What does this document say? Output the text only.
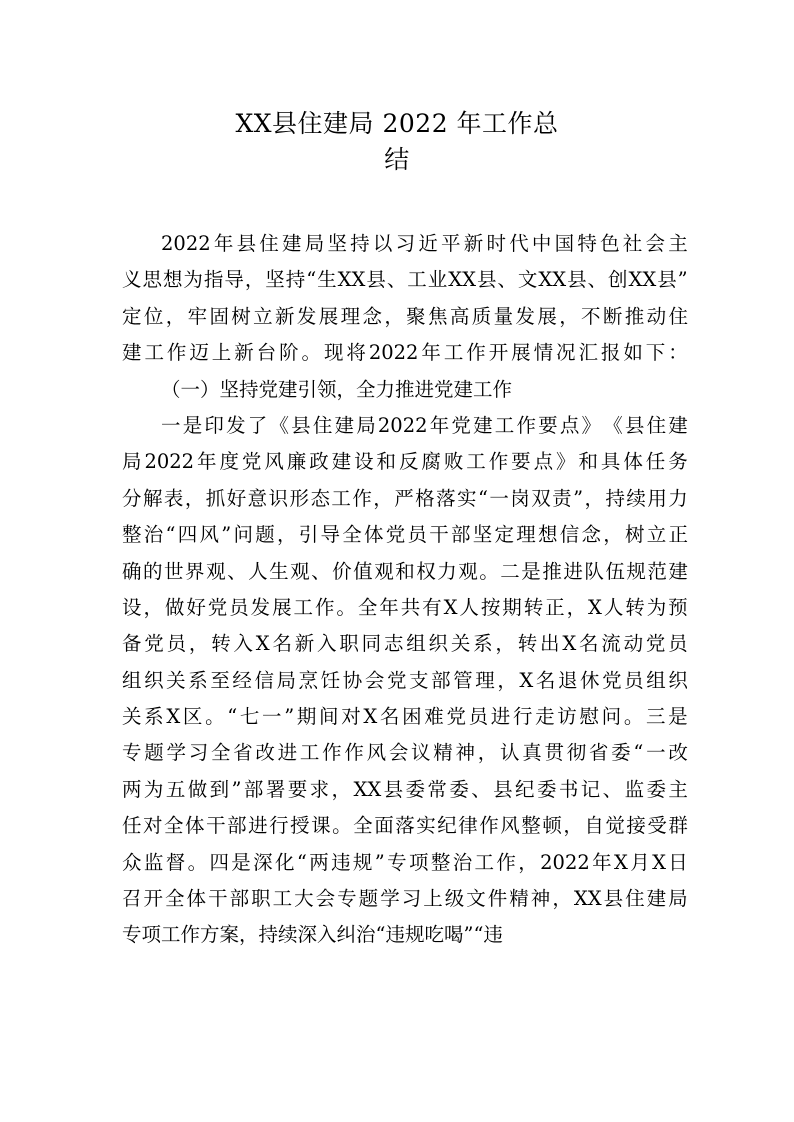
XX县住建局 2022 年工作总
结
2022 年 县 住 建 局 坚 持 以 习 近 平 新 时 代 中 国 特 色 社 会 主
义 思 想 为 指 导 ， 坚 持 “ 生 XX 县 、 工 业 XX 县 、 文 XX 县 、 创 XX 县 ”
定 位 ， 牢 固 树 立 新 发 展 理 念 ， 聚 焦 高 质 量 发 展 ， 不 断 推 动 住
建 工 作 迈 上 新 台 阶 。 现 将 2022 年 工 作 开 展 情 况 汇 报 如 下 ：
（一）坚持党建引领，全力推进党建工作
一 是 印 发 了 《 县 住 建 局 2022 年 党 建 工 作 要 点 》 《 县 住 建
局 2022 年 度 党 风 廉 政 建 设 和 反 腐 败 工 作 要 点 》 和 具 体 任 务
分 解 表 ， 抓 好 意 识 形 态 工 作 ， 严 格 落 实 “ 一 岗 双 责 ” ， 持 续 用 力
整 治 “ 四 风 ” 问 题 ， 引 导 全 体 党 员 干 部 坚 定 理 想 信 念 ， 树 立 正
确 的 世 界 观 、 人 生 观 、 价 值 观 和 权 力 观 。 二 是 推 进 队 伍 规 范 建
设 ， 做 好 党 员 发 展 工 作 。 全 年 共 有 X 人 按 期 转 正 ， X 人 转 为 预
备 党 员 ， 转 入 X 名 新 入 职 同 志 组 织 关 系 ， 转 出 X 名 流 动 党 员
组 织 关 系 至 经 信 局 烹 饪 协 会 党 支 部 管 理 ， X 名 退 休 党 员 组 织
关 系 X 区 。 “ 七 一 ” 期 间 对 X 名 困 难 党 员 进 行 走 访 慰 问 。 三 是
专 题 学 习 全 省 改 进 工 作 作 风 会 议 精 神 ， 认 真 贯 彻 省 委 “ 一 改
两 为 五 做 到 ” 部 署 要 求 ， XX 县 委 常 委 、 县 纪 委 书 记 、 监 委 主
任 对 全 体 干 部 进 行 授 课 。 全 面 落 实 纪 律 作 风 整 顿 ， 自 觉 接 受 群
众 监 督 。 四 是 深 化 “ 两 违 规 ” 专 项 整 治 工 作 ， 2022 年 X 月 X 日
召 开 全 体 干 部 职 工 大 会 专 题 学 习 上 级 文 件 精 神 ， XX 县 住 建 局
专项工作方案，持续深入纠治“违规吃喝”“违
